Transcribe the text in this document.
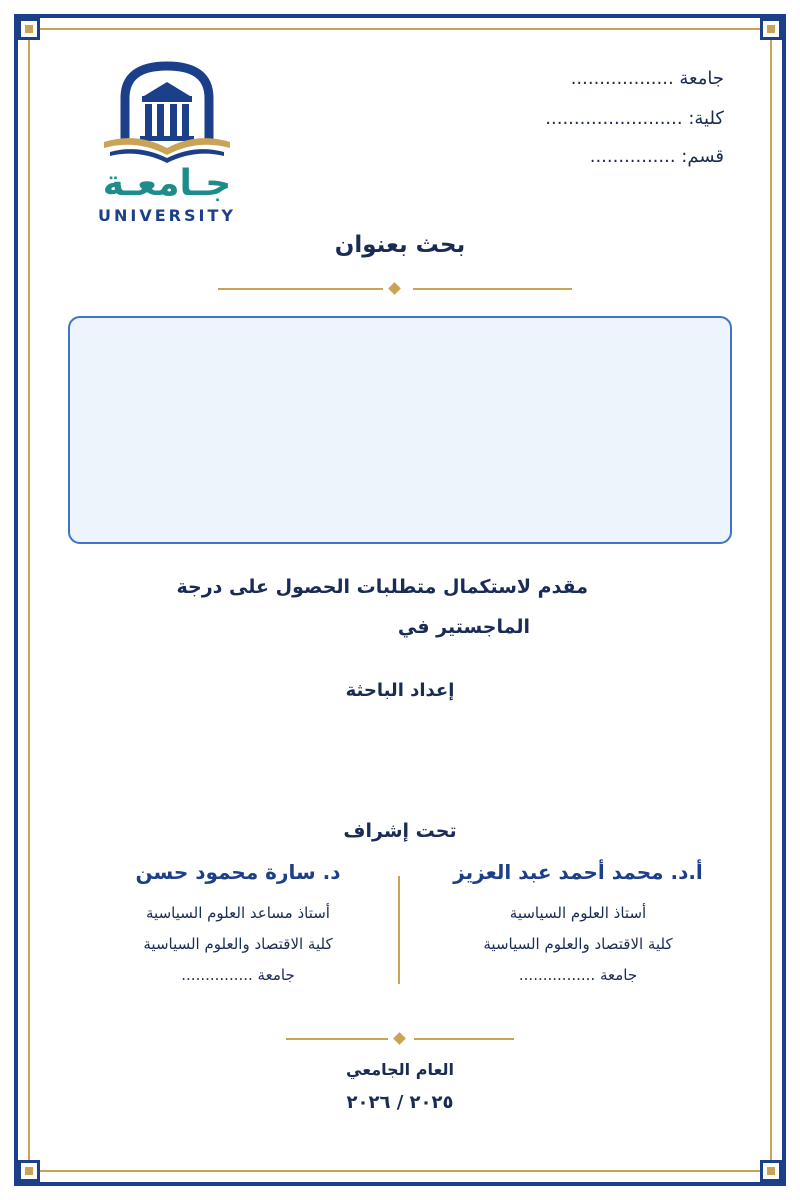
جـامعـة
UNIVERSITY
جامعة ..................
كلية: ........................
قسم: ...............
بحث بعنوان
مقدم لاستكمال متطلبات الحصول على درجة
الماجستير في
إعداد الباحثة
تحت إشراف
أ.د. محمد أحمد عبد العزيز
أستاذ العلوم السياسية
كلية الاقتصاد والعلوم السياسية
جامعة ................
د. سارة محمود حسن
أستاذ مساعد العلوم السياسية
كلية الاقتصاد والعلوم السياسية
جامعة ...............
العام الجامعي
٢٠٢٥ / ٢٠٢٦
